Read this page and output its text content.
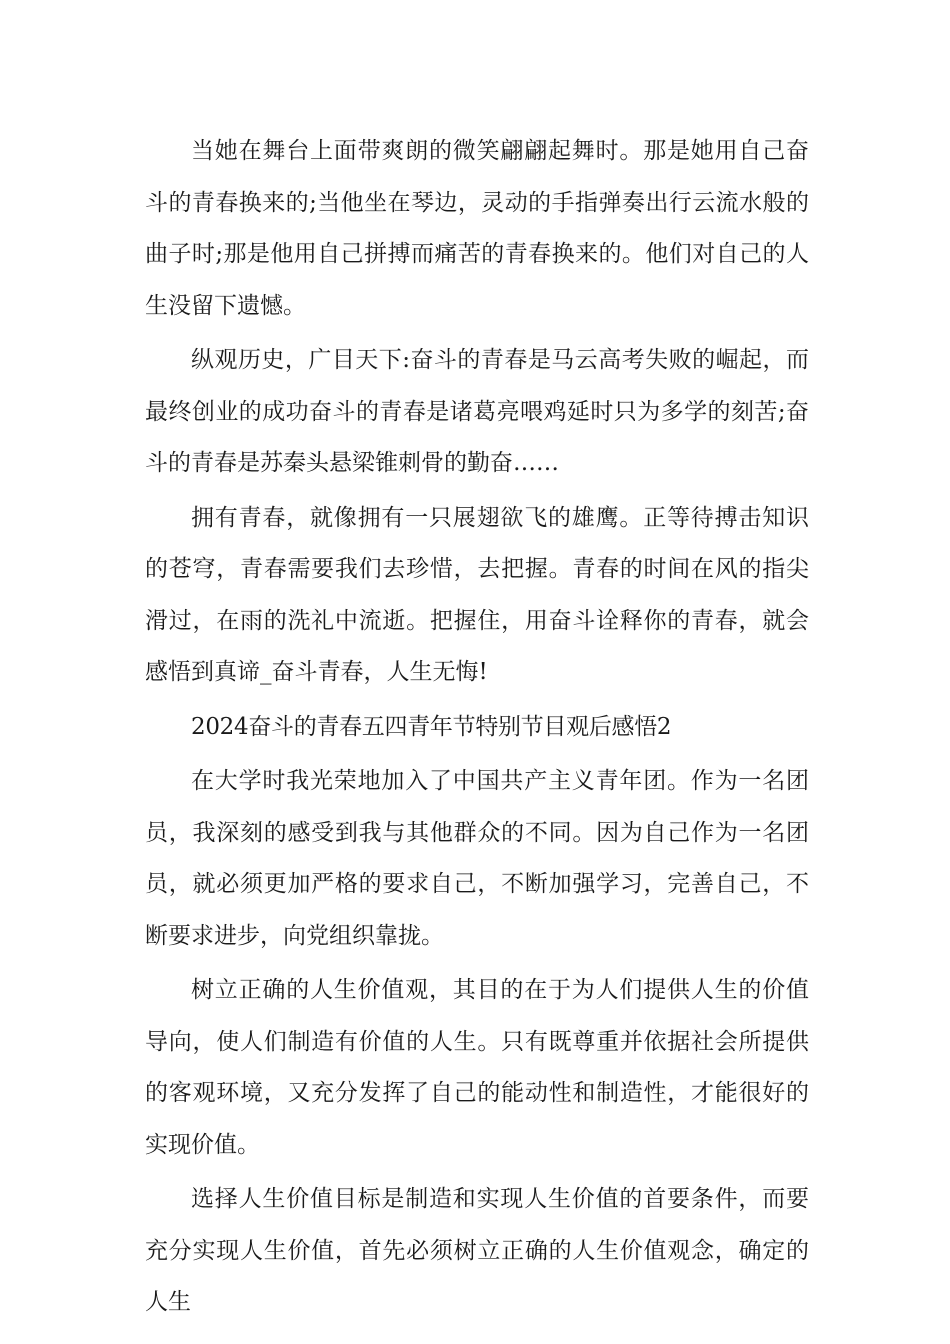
当她在舞台上面带爽朗的微笑翩翩起舞时。那是她用自己奋斗的青春换来的;当他坐在琴边，灵动的手指弹奏出行云流水般的曲子时;那是他用自己拼搏而痛苦的青春换来的。他们对自己的人生没留下遗憾。

纵观历史，广目天下:奋斗的青春是马云高考失败的崛起，而最终创业的成功奋斗的青春是诸葛亮喂鸡延时只为多学的刻苦;奋斗的青春是苏秦头悬梁锥刺骨的勤奋……

拥有青春，就像拥有一只展翅欲飞的雄鹰。正等待搏击知识的苍穹，青春需要我们去珍惜，去把握。青春的时间在风的指尖滑过，在雨的洗礼中流逝。把握住，用奋斗诠释你的青春，就会感悟到真谛_奋斗青春，人生无悔!

2024奋斗的青春五四青年节特别节目观后感悟2

在大学时我光荣地加入了中国共产主义青年团。作为一名团员，我深刻的感受到我与其他群众的不同。因为自己作为一名团员，就必须更加严格的要求自己，不断加强学习，完善自己，不断要求进步，向党组织靠拢。

树立正确的人生价值观，其目的在于为人们提供人生的价值导向，使人们制造有价值的人生。只有既尊重并依据社会所提供的客观环境，又充分发挥了自己的能动性和制造性，才能很好的实现价值。

选择人生价值目标是制造和实现人生价值的首要条件，而要充分实现人生价值，首先必须树立正确的人生价值观念，确定的人生
